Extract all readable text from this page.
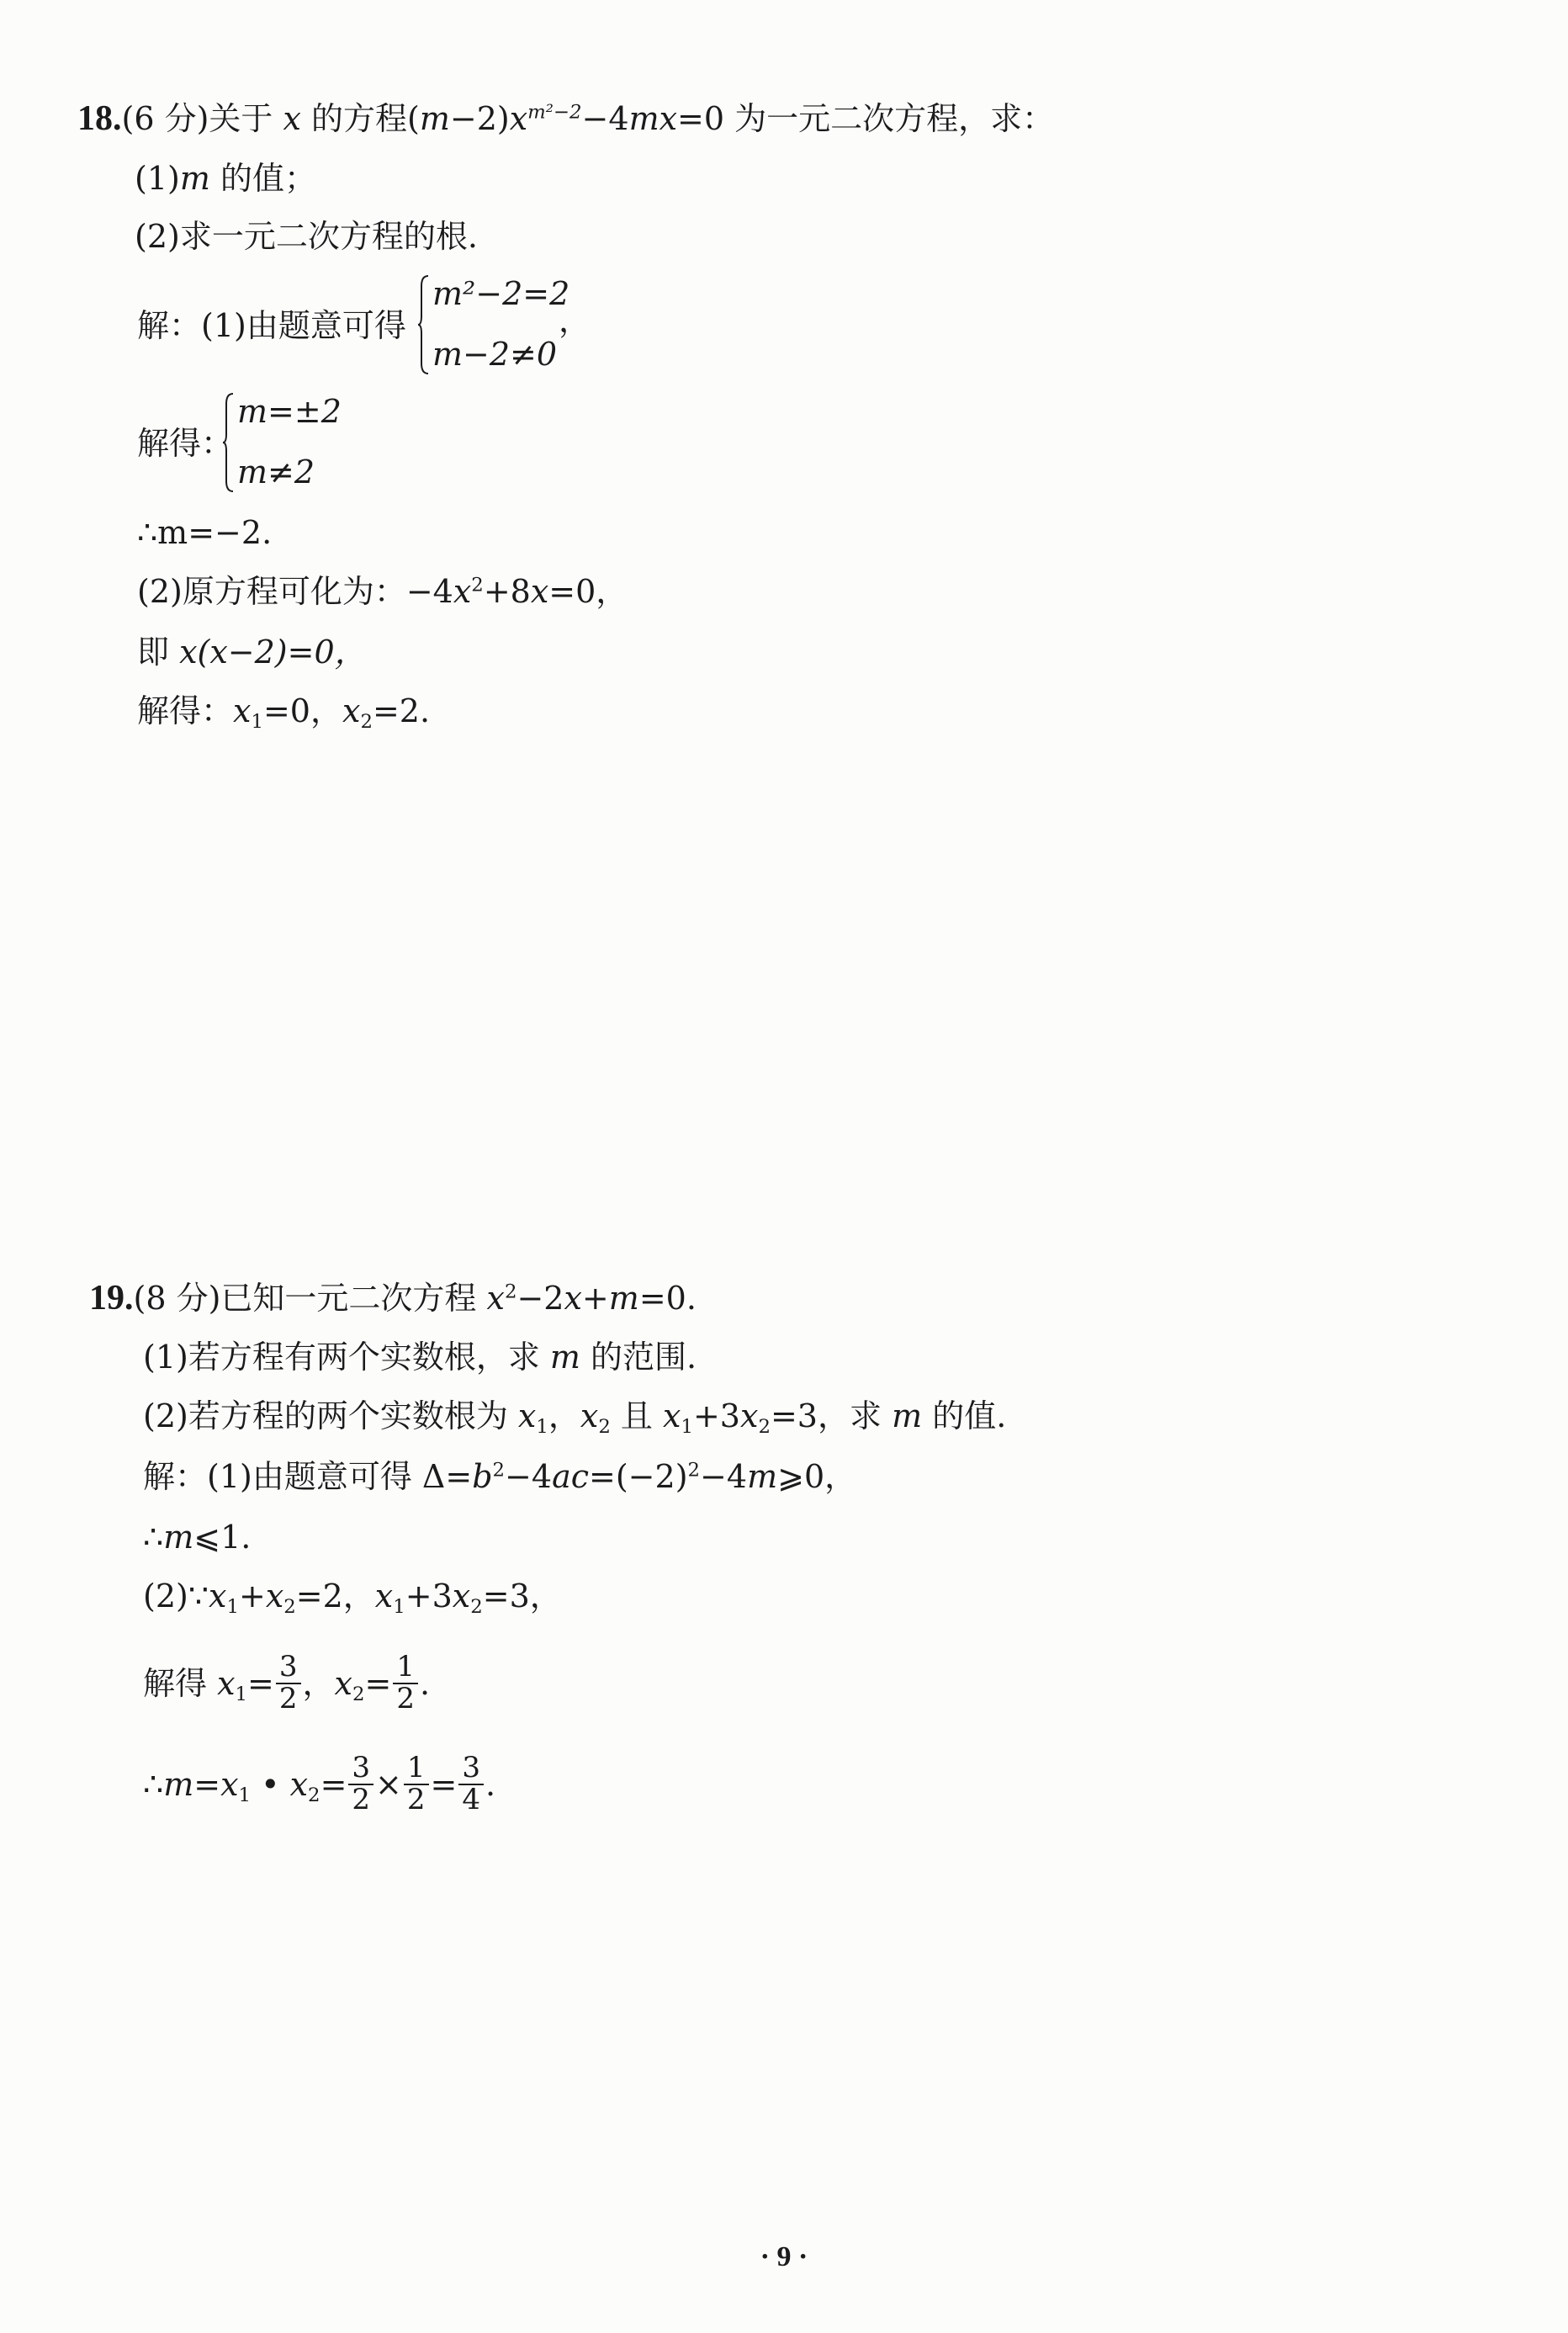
18.(6 分)关于 x 的方程$(m-2)x^{m^2-2}-4mx=0$ 为一元二次方程，求：
(1)m 的值；
(2)求一元二次方程的根.
解：(1)由题意可得
m²−2=2
m−2≠0
，
解得：
m=±2
m≠2
∴m=−2.
(2)原方程可化为：$-4x^2+8x=0$，
即 x(x−2)=0，
解得：$x_1=0$，$x_2=2$.
19.(8 分)已知一元二次方程 $x^2-2x+m=0$.
(1)若方程有两个实数根，求 m 的范围.
(2)若方程的两个实数根为 $x_1$，$x_2$ 且 $x_1+3x_2=3$，求 m 的值.
解：(1)由题意可得 $\Delta=b^2-4ac=(-2)^2-4m⩾0$，
∴m⩽1.
$(2)\because x_1+x_2=2$，$x_1+3x_2=3$，
解得 $x_1= \frac{3}{2}$ ，$x_2= \frac{1}{2}$ .
$\therefore m=x_1$ • $x_2= \frac{3}{2} \times \frac{1}{2} = \frac{3}{4}$ .
· 9 ·
